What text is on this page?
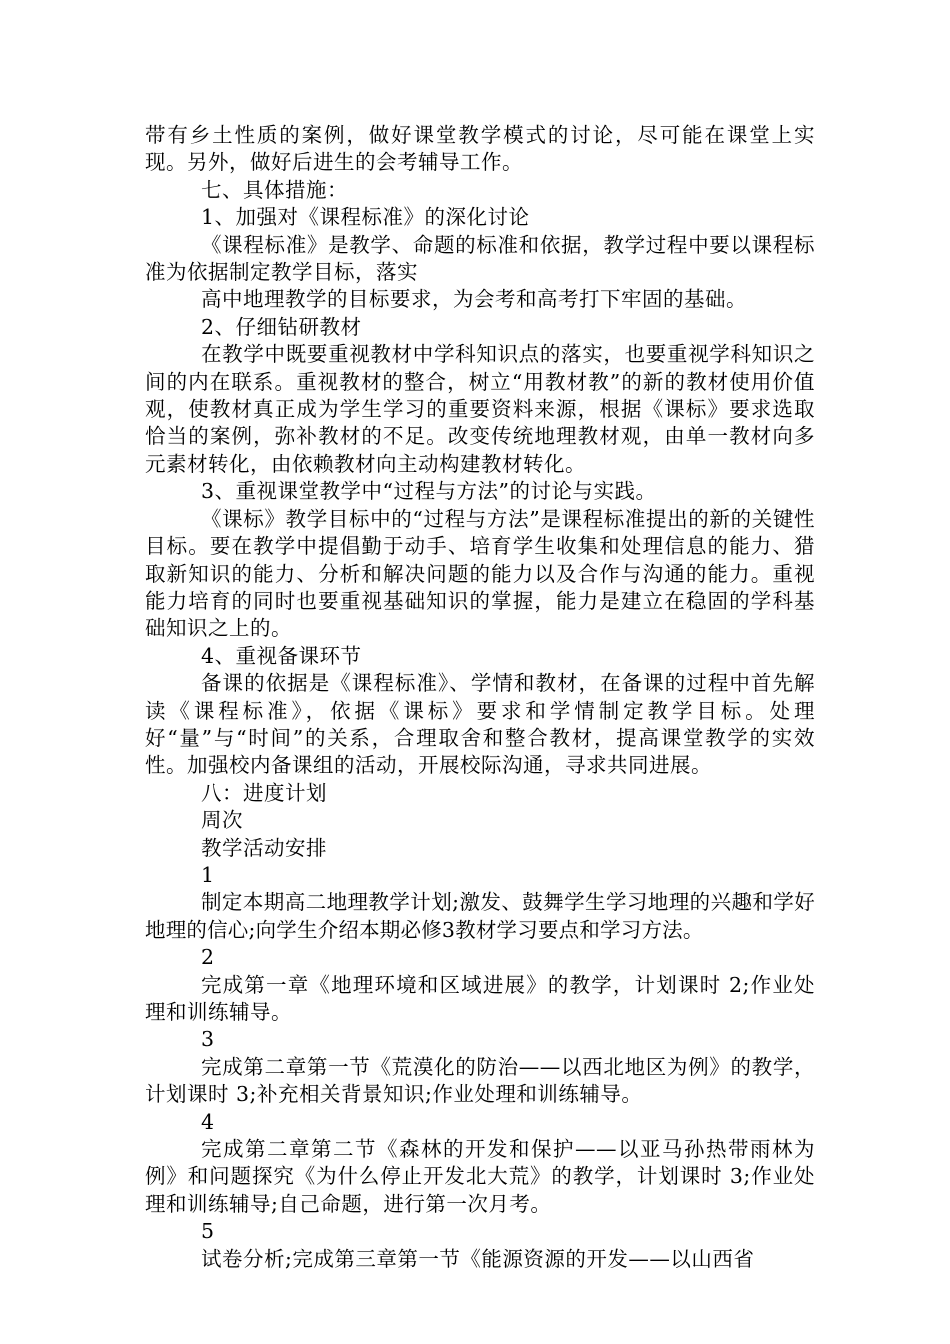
带有乡土性质的案例，做好课堂教学模式的讨论，尽可能在课堂上实现。另外，做好后进生的会考辅导工作。

七、具体措施：

1、加强对《课程标准》的深化讨论

《课程标准》是教学、命题的标准和依据，教学过程中要以课程标准为依据制定教学目标，落实

高中地理教学的目标要求，为会考和高考打下牢固的基础。

2、仔细钻研教材

在教学中既要重视教材中学科知识点的落实，也要重视学科知识之间的内在联系。重视教材的整合，树立“用教材教”的新的教材使用价值观，使教材真正成为学生学习的重要资料来源，根据《课标》要求选取恰当的案例，弥补教材的不足。改变传统地理教材观，由单一教材向多元素材转化，由依赖教材向主动构建教材转化。

3、重视课堂教学中“过程与方法”的讨论与实践。

《课标》教学目标中的“过程与方法”是课程标准提出的新的关键性目标。要在教学中提倡勤于动手、培育学生收集和处理信息的能力、猎取新知识的能力、分析和解决问题的能力以及合作与沟通的能力。重视能力培育的同时也要重视基础知识的掌握，能力是建立在稳固的学科基础知识之上的。

4、重视备课环节

备课的依据是《课程标准》、学情和教材，在备课的过程中首先解读《课程标准》，依据《课标》要求和学情制定教学目标。处理好“量”与“时间”的关系，合理取舍和整合教材，提高课堂教学的实效性。加强校内备课组的活动，开展校际沟通，寻求共同进展。

八：进度计划

周次

教学活动安排

1

制定本期高二地理教学计划;激发、鼓舞学生学习地理的兴趣和学好地理的信心;向学生介绍本期必修3教材学习要点和学习方法。

2

完成第一章《地理环境和区域进展》的教学，计划课时 2;作业处理和训练辅导。

3

完成第二章第一节《荒漠化的防治——以西北地区为例》的教学，计划课时 3;补充相关背景知识;作业处理和训练辅导。

4

完成第二章第二节《森林的开发和保护——以亚马孙热带雨林为例》和问题探究《为什么停止开发北大荒》的教学，计划课时 3;作业处理和训练辅导;自己命题，进行第一次月考。

5

试卷分析;完成第三章第一节《能源资源的开发——以山西省
